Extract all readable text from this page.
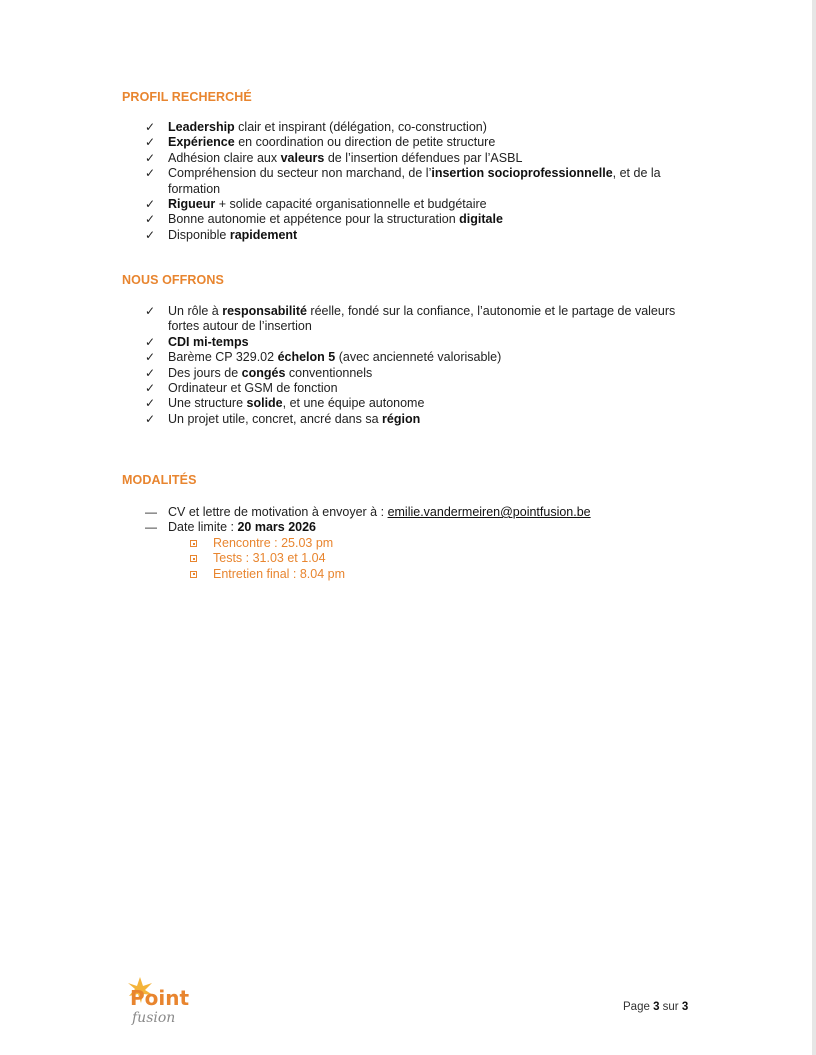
PROFIL RECHERCHÉ
✓	Leadership clair et inspirant (délégation, co-construction)
✓	Expérience en coordination ou direction de petite structure
✓	Adhésion claire aux valeurs de l’insertion défendues par l’ASBL
✓	Compréhension du secteur non marchand, de l’insertion socioprofessionnelle, et de la formation
✓	Rigueur + solide capacité organisationnelle et budgétaire
✓	Bonne autonomie et appétence pour la structuration digitale
✓	Disponible rapidement
NOUS OFFRONS
✓	Un rôle à responsabilité réelle, fondé sur la confiance, l’autonomie et le partage de valeurs fortes autour de l’insertion
✓	CDI mi-temps
✓	Barème CP 329.02 échelon 5 (avec ancienneté valorisable)
✓	Des jours de congés conventionnels
✓	Ordinateur et GSM de fonction
✓	Une structure solide, et une équipe autonome
✓	Un projet utile, concret, ancré dans sa région
MODALITÉS
— CV et lettre de motivation à envoyer à : emilie.vandermeiren@pointfusion.be
— Date limite : 20 mars 2026
Rencontre : 25.03 pm
Tests : 31.03 et 1.04
Entretien final : 8.04 pm
Point
fusion
Page 3 sur 3
